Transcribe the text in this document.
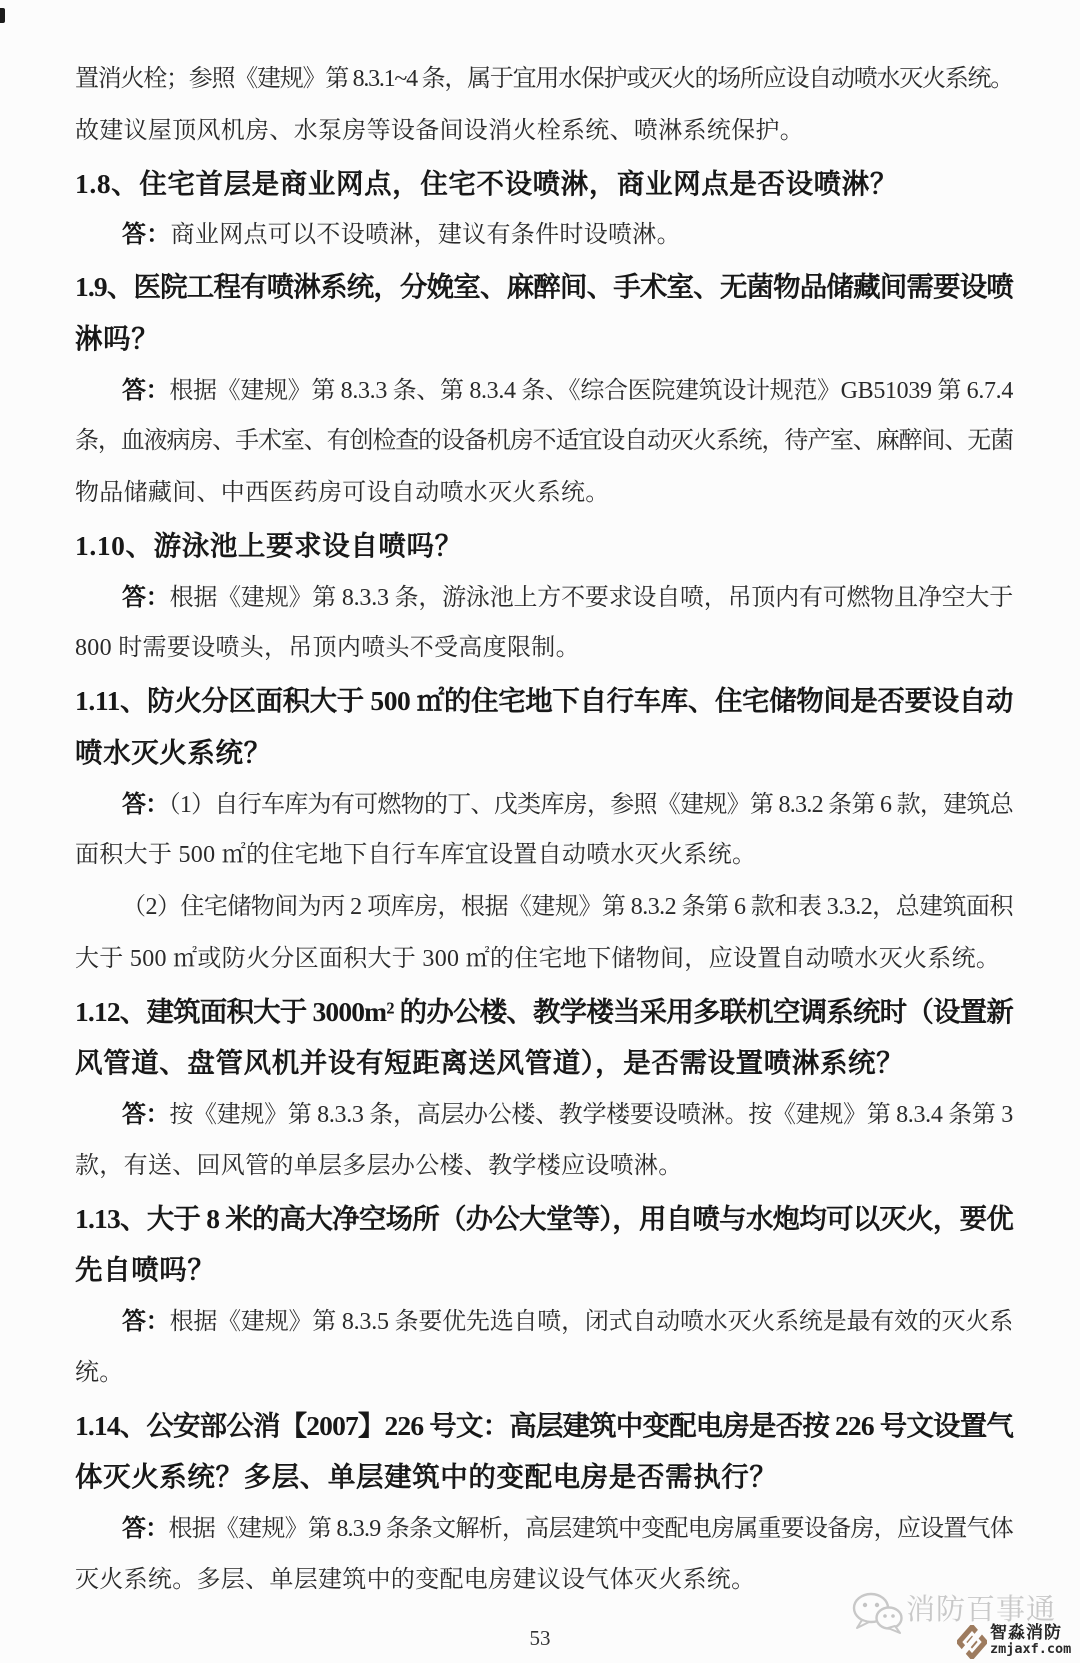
置消火栓；参照《建规》第 8.3.1~4 条，属于宜用水保护或灭火的场所应设自动喷水灭火系统。
故建议屋顶风机房、水泵房等设备间设消火栓系统、喷淋系统保护。
1.8、住宅首层是商业网点，住宅不设喷淋，商业网点是否设喷淋？
答：商业网点可以不设喷淋，建议有条件时设喷淋。
1.9、医院工程有喷淋系统，分娩室、麻醉间、手术室、无菌物品储藏间需要设喷
淋吗？
答：根据《建规》第 8.3.3 条、第 8.3.4 条、《综合医院建筑设计规范》GB51039 第 6.7.4
条，血液病房、手术室、有创检查的设备机房不适宜设自动灭火系统，待产室、麻醉间、无菌
物品储藏间、中西医药房可设自动喷水灭火系统。
1.10、游泳池上要求设自喷吗？
答：根据《建规》第 8.3.3 条，游泳池上方不要求设自喷，吊顶内有可燃物且净空大于
800 时需要设喷头，吊顶内喷头不受高度限制。
1.11、防火分区面积大于 500 ㎡的住宅地下自行车库、住宅储物间是否要设自动
喷水灭火系统？
答：（1）自行车库为有可燃物的丁、戊类库房，参照《建规》第 8.3.2 条第 6 款，建筑总
面积大于 500 ㎡的住宅地下自行车库宜设置自动喷水灭火系统。
（2）住宅储物间为丙 2 项库房，根据《建规》第 8.3.2 条第 6 款和表 3.3.2，总建筑面积
大于 500 ㎡或防火分区面积大于 300 ㎡的住宅地下储物间，应设置自动喷水灭火系统。
1.12、建筑面积大于 3000m² 的办公楼、教学楼当采用多联机空调系统时（设置新
风管道、盘管风机并设有短距离送风管道），是否需设置喷淋系统？
答：按《建规》第 8.3.3 条，高层办公楼、教学楼要设喷淋。按《建规》第 8.3.4 条第 3
款，有送、回风管的单层多层办公楼、教学楼应设喷淋。
1.13、大于 8 米的高大净空场所（办公大堂等），用自喷与水炮均可以灭火，要优
先自喷吗？
答：根据《建规》第 8.3.5 条要优先选自喷，闭式自动喷水灭火系统是最有效的灭火系
统。
1.14、公安部公消【2007】226 号文：高层建筑中变配电房是否按 226 号文设置气
体灭火系统？多层、单层建筑中的变配电房是否需执行？
答：根据《建规》第 8.3.9 条条文解析，高层建筑中变配电房属重要设备房，应设置气体
灭火系统。多层、单层建筑中的变配电房建议设气体灭火系统。
53
消防百事通
智淼消防
zmjaxf.com
